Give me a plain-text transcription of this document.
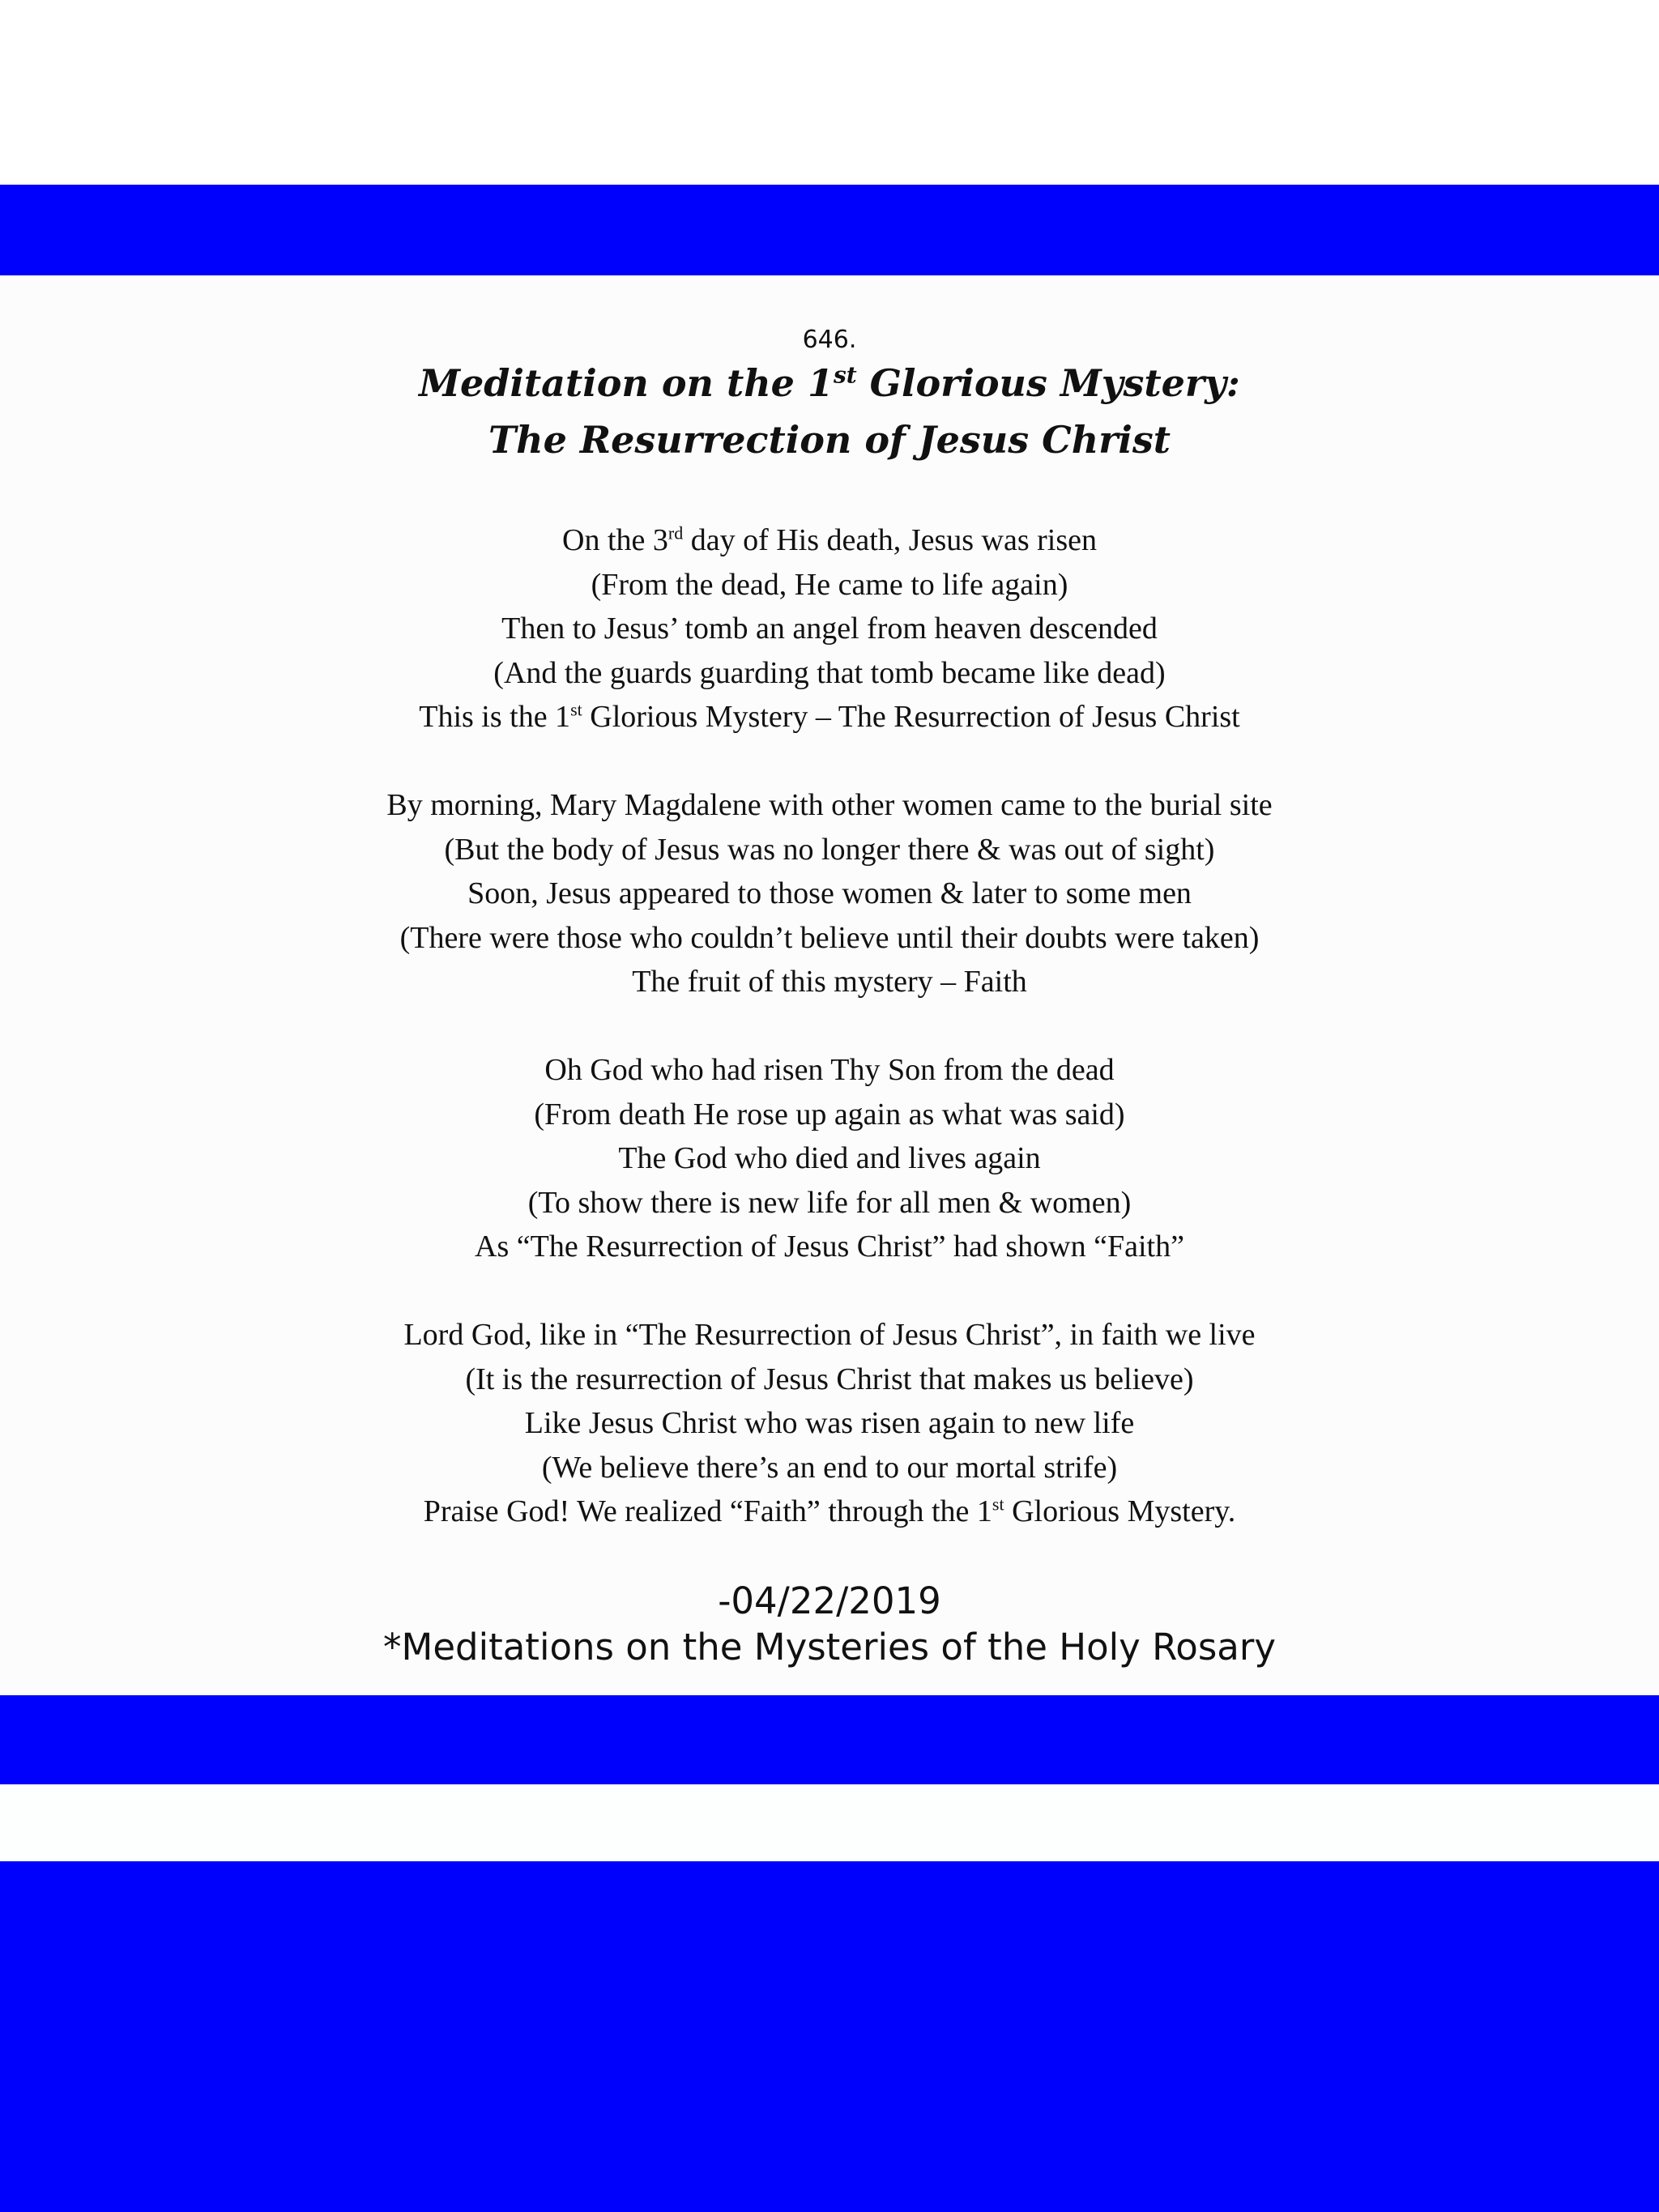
646.
Meditation on the 1st Glorious Mystery:
The Resurrection of Jesus Christ
On the 3rd day of His death, Jesus was risen
(From the dead, He came to life again)
Then to Jesus’ tomb an angel from heaven descended
(And the guards guarding that tomb became like dead)
This is the 1st Glorious Mystery – The Resurrection of Jesus Christ
By morning, Mary Magdalene with other women came to the burial site
(But the body of Jesus was no longer there & was out of sight)
Soon, Jesus appeared to those women & later to some men
(There were those who couldn’t believe until their doubts were taken)
The fruit of this mystery – Faith
Oh God who had risen Thy Son from the dead
(From death He rose up again as what was said)
The God who died and lives again
(To show there is new life for all men & women)
As “The Resurrection of Jesus Christ” had shown “Faith”
Lord God, like in “The Resurrection of Jesus Christ”, in faith we live
(It is the resurrection of Jesus Christ that makes us believe)
Like Jesus Christ who was risen again to new life
(We believe there’s an end to our mortal strife)
Praise God! We realized “Faith” through the 1st Glorious Mystery.
-04/22/2019
*Meditations on the Mysteries of the Holy Rosary
